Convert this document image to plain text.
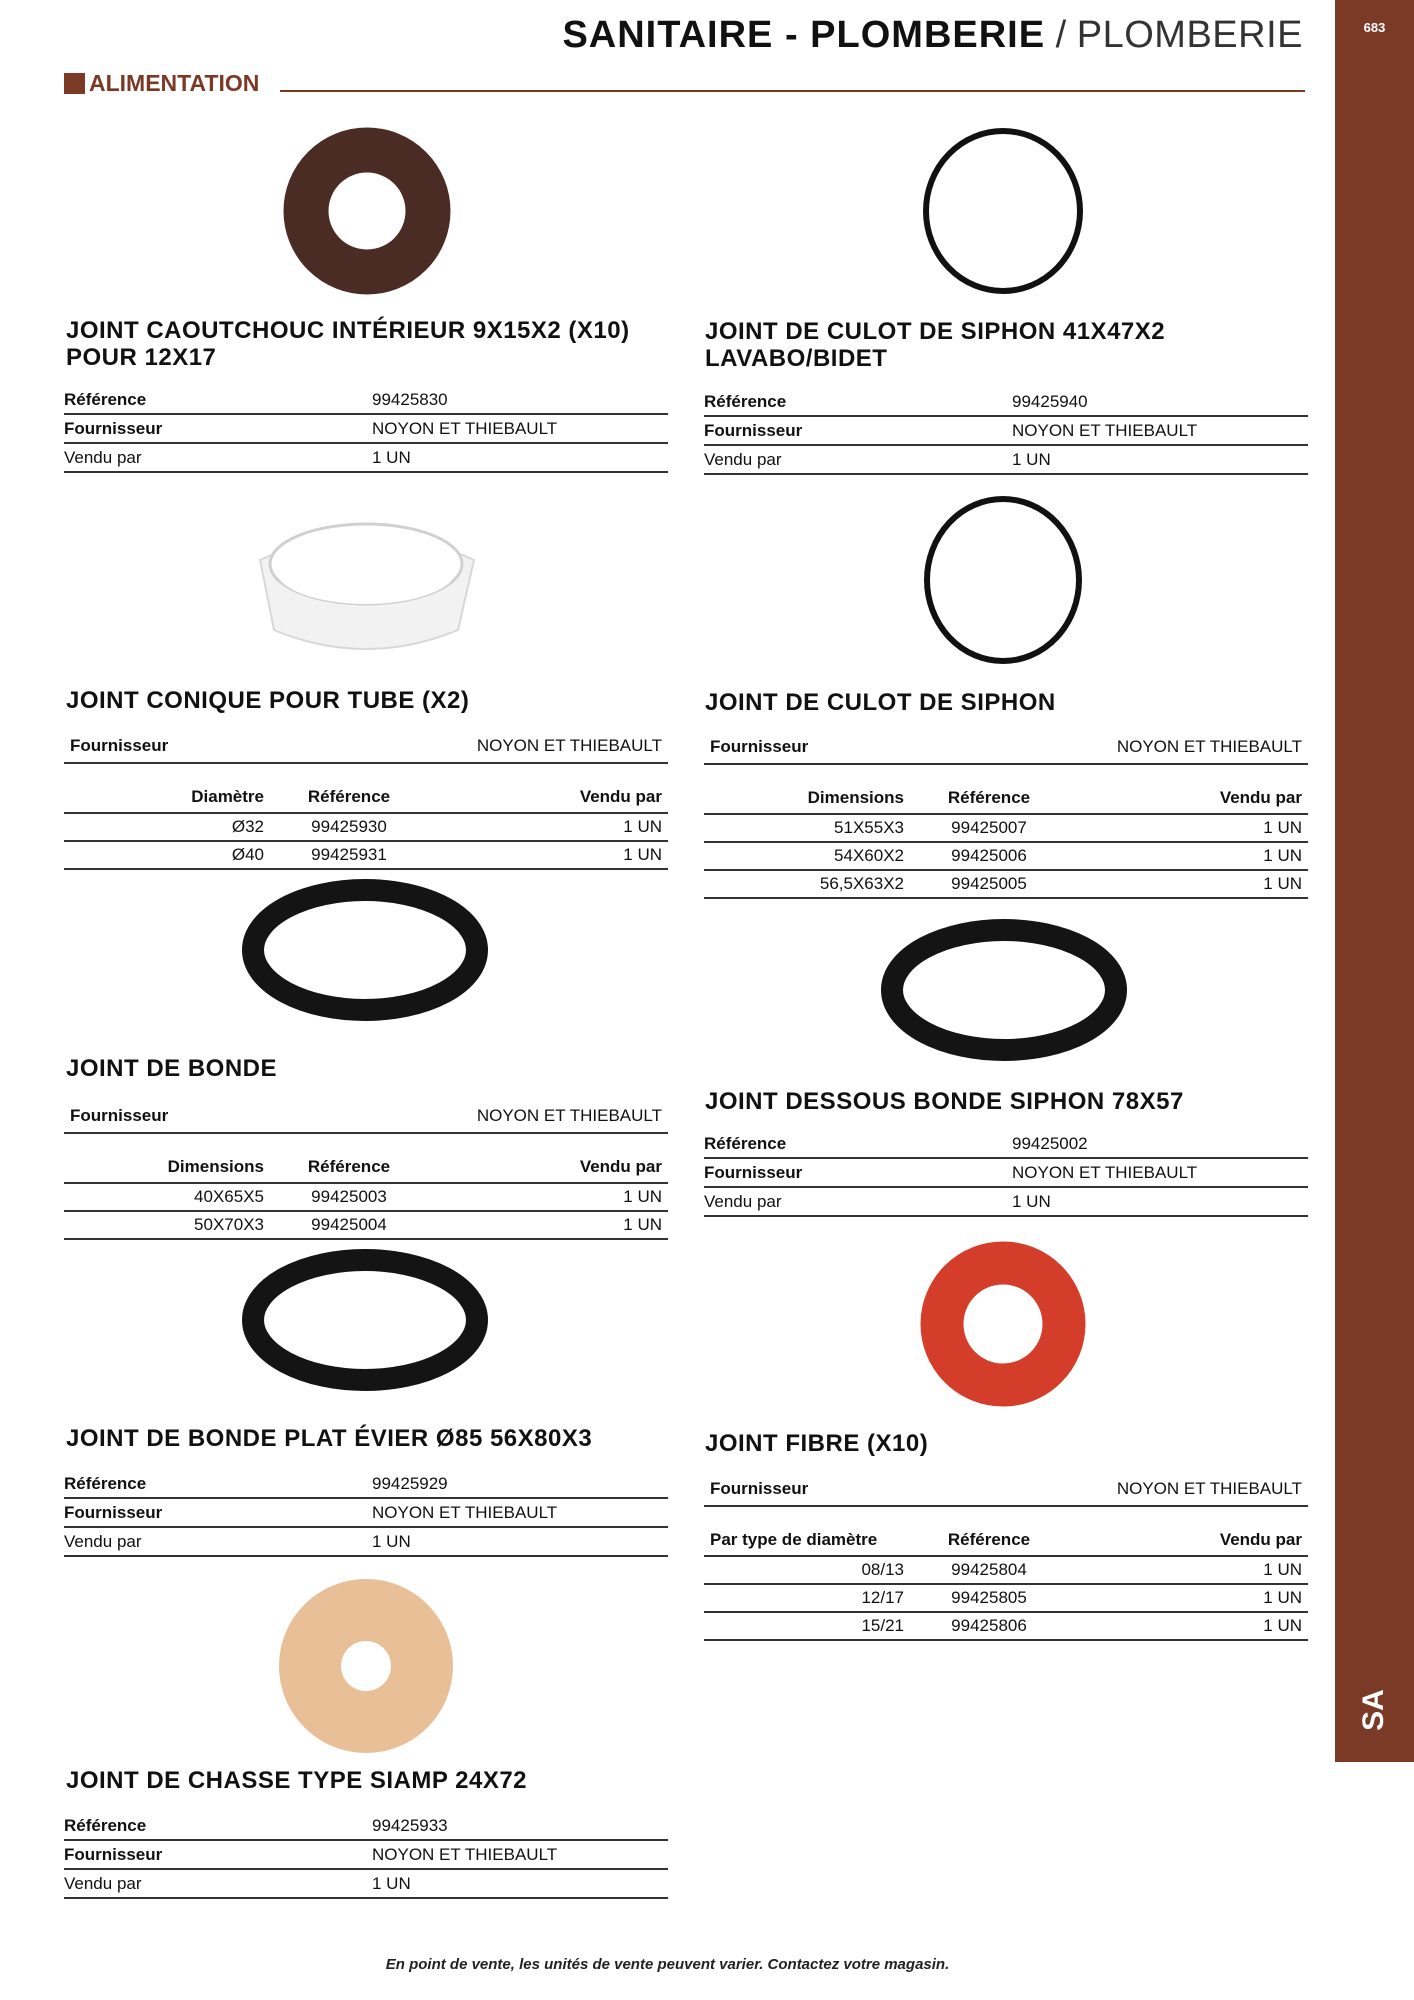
683
SA
SANITAIRE - PLOMBERIE / PLOMBERIE
ALIMENTATION
JOINT CAOUTCHOUC INTÉRIEUR 9X15X2 (X10) POUR 12X17
Référence	99425830
Fournisseur	NOYON ET THIEBAULT
Vendu par	1 UN
JOINT DE CULOT DE SIPHON 41X47X2 LAVABO/BIDET
Référence	99425940
Fournisseur	NOYON ET THIEBAULT
Vendu par	1 UN
JOINT CONIQUE POUR TUBE (X2)
Fournisseur	NOYON ET THIEBAULT
Diamètre	Référence	Vendu par
Ø32	99425930	1 UN
Ø40	99425931	1 UN
JOINT DE CULOT DE SIPHON
Fournisseur	NOYON ET THIEBAULT
Dimensions	Référence	Vendu par
51X55X3	99425007	1 UN
54X60X2	99425006	1 UN
56,5X63X2	99425005	1 UN
JOINT DE BONDE
Fournisseur	NOYON ET THIEBAULT
Dimensions	Référence	Vendu par
40X65X5	99425003	1 UN
50X70X3	99425004	1 UN
JOINT DESSOUS BONDE SIPHON 78X57
Référence	99425002
Fournisseur	NOYON ET THIEBAULT
Vendu par	1 UN
JOINT DE BONDE PLAT ÉVIER Ø85 56X80X3
Référence	99425929
Fournisseur	NOYON ET THIEBAULT
Vendu par	1 UN
JOINT FIBRE (X10)
Fournisseur	NOYON ET THIEBAULT
Par type de diamètre	Référence	Vendu par
08/13	99425804	1 UN
12/17	99425805	1 UN
15/21	99425806	1 UN
JOINT DE CHASSE TYPE SIAMP 24X72
Référence	99425933
Fournisseur	NOYON ET THIEBAULT
Vendu par	1 UN
En point de vente, les unités de vente peuvent varier. Contactez votre magasin.
